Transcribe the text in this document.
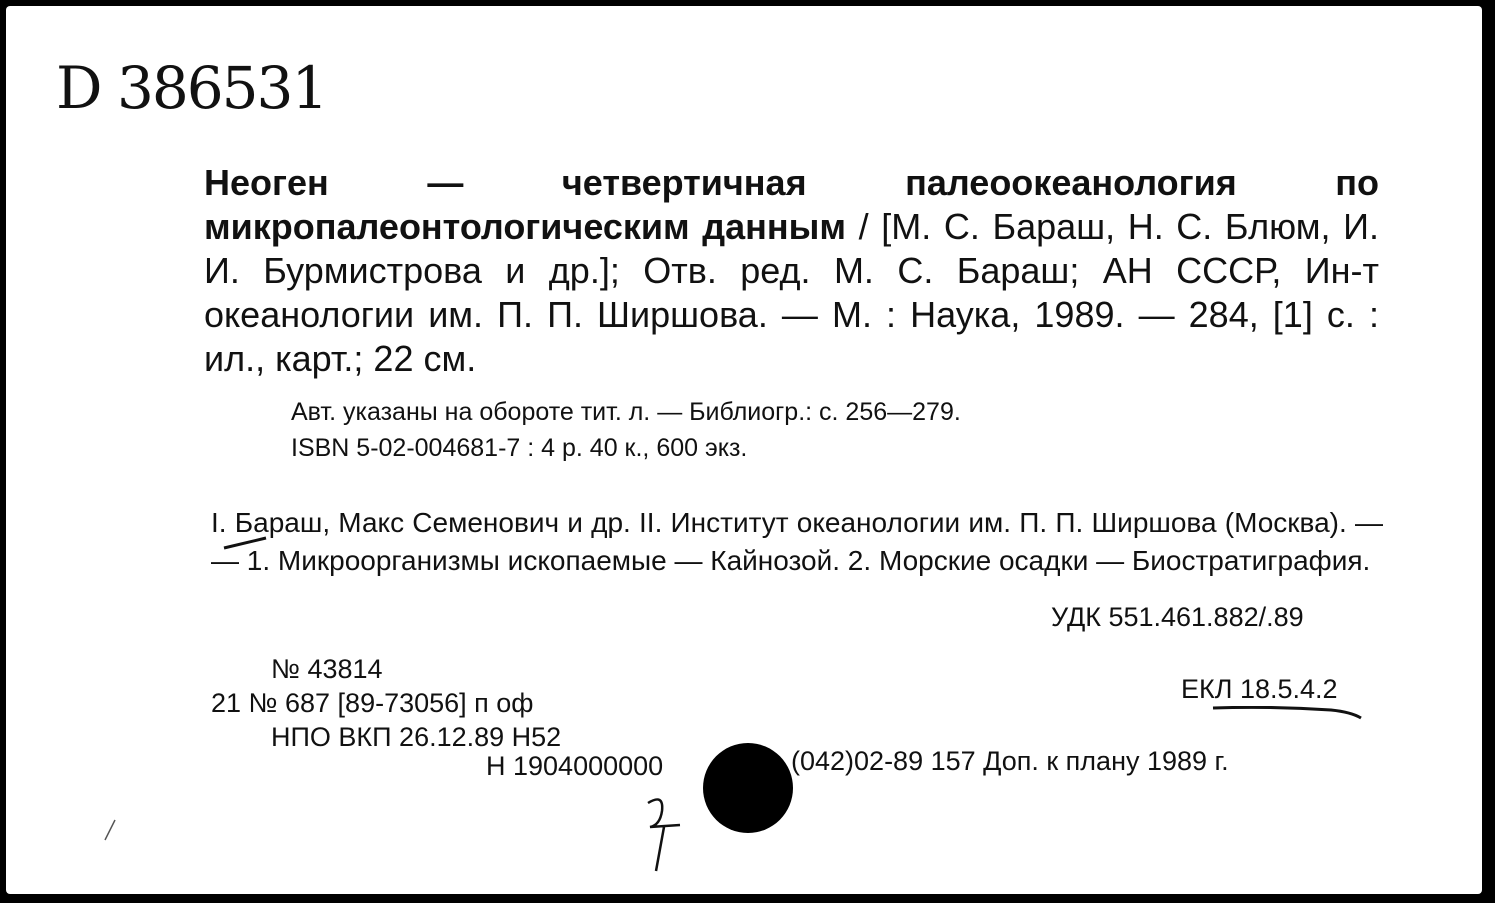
D 386531
Неоген — четвертичная палеоокеанология по микропалеонтологическим данным / [М. С. Бараш, Н. С. Блюм, И. И. Бурмистрова и др.]; Отв. ред. М. С. Бараш; АН СССР, Ин-т океанологии им. П. П. Ширшова. — М. : Наука, 1989. — 284, [1] с. : ил., карт.; 22 см.
Авт. указаны на обороте тит. л. — Библиогр.: с. 256—279.
ISBN 5-02-004681-7 : 4 р. 40 к., 600 экз.
I. Бараш, Макс Семенович и др. II. Институт океанологии им. П. П. Ширшова (Москва). — — 1. Микроорганизмы ископаемые — Кайнозой. 2. Морские осадки — Биостратиграфия.
УДК 551.461.882/.89
№ 43814
21 № 687 [89-73056] п оф
НПО ВКП 26.12.89 Н52
ЕКЛ 18.5.4.2
Н 1904000000	(042)02-89 157 Доп. к плану 1989 г.
